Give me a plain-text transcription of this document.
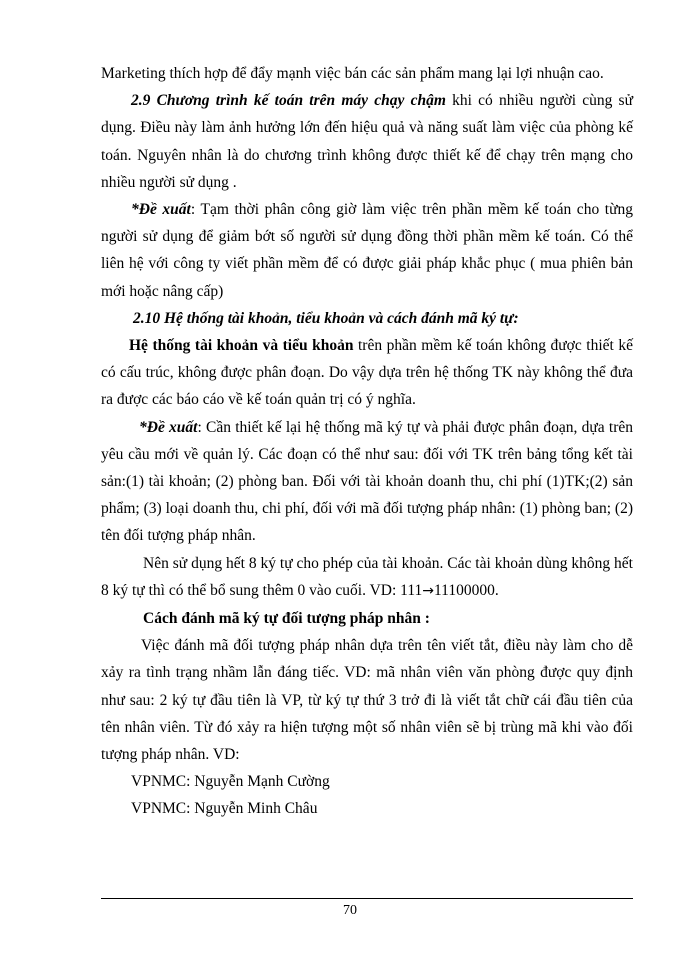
Marketing thích hợp để đẩy mạnh việc bán các sản phẩm mang lại lợi nhuận cao.

2.9 Chương trình kế toán trên máy chạy chậm khi có nhiều người cùng sử dụng. Điều này làm ảnh hưởng lớn đến hiệu quả và năng suất làm việc của phòng kế toán. Nguyên nhân là do chương trình không được thiết kế để chạy trên mạng cho nhiều người sử dụng .

*Đề xuất: Tạm thời phân công giờ làm việc trên phần mềm kế toán cho từng người sử dụng để giảm bớt số người sử dụng đồng thời phần mềm kế toán. Có thể liên hệ với công ty viết phần mềm để có được giải pháp khắc phục ( mua phiên bản mới hoặc nâng cấp)

2.10 Hệ thống tài khoản, tiểu khoản và cách đánh mã ký tự:

Hệ thống tài khoản và tiểu khoản trên phần mềm kế toán không được thiết kế có cấu trúc, không được phân đoạn. Do vậy dựa trên hệ thống TK này không thể đưa ra được các báo cáo về kế toán quản trị có ý nghĩa.

*Đề xuất: Cần thiết kế lại hệ thống mã ký tự và phải được phân đoạn, dựa trên yêu cầu mới về quản lý. Các đoạn có thể như sau: đối với TK trên bảng tổng kết tài sản:(1) tài khoản; (2) phòng ban. Đối với tài khoản doanh thu, chi phí (1)TK;(2) sản phẩm; (3) loại doanh thu, chi phí, đối với mã đối tượng pháp nhân: (1) phòng ban; (2) tên đối tượng pháp nhân.

Nên sử dụng hết 8 ký tự cho phép của tài khoản. Các tài khoản dùng không hết 8 ký tự thì có thể bổ sung thêm 0 vào cuối. VD: 111→11100000.

Cách đánh mã ký tự đối tượng pháp nhân :

Việc đánh mã đối tượng pháp nhân dựa trên tên viết tắt, điều này làm cho dễ xảy ra tình trạng nhầm lẫn đáng tiếc. VD: mã nhân viên văn phòng được quy định như sau: 2 ký tự đầu tiên là VP, từ ký tự thứ 3 trở đi là viết tắt chữ cái đầu tiên của tên nhân viên. Từ đó xảy ra hiện tượng một số nhân viên sẽ bị trùng mã khi vào đối tượng pháp nhân. VD:

VPNMC: Nguyễn Mạnh Cường

VPNMC: Nguyễn Minh Châu

70
